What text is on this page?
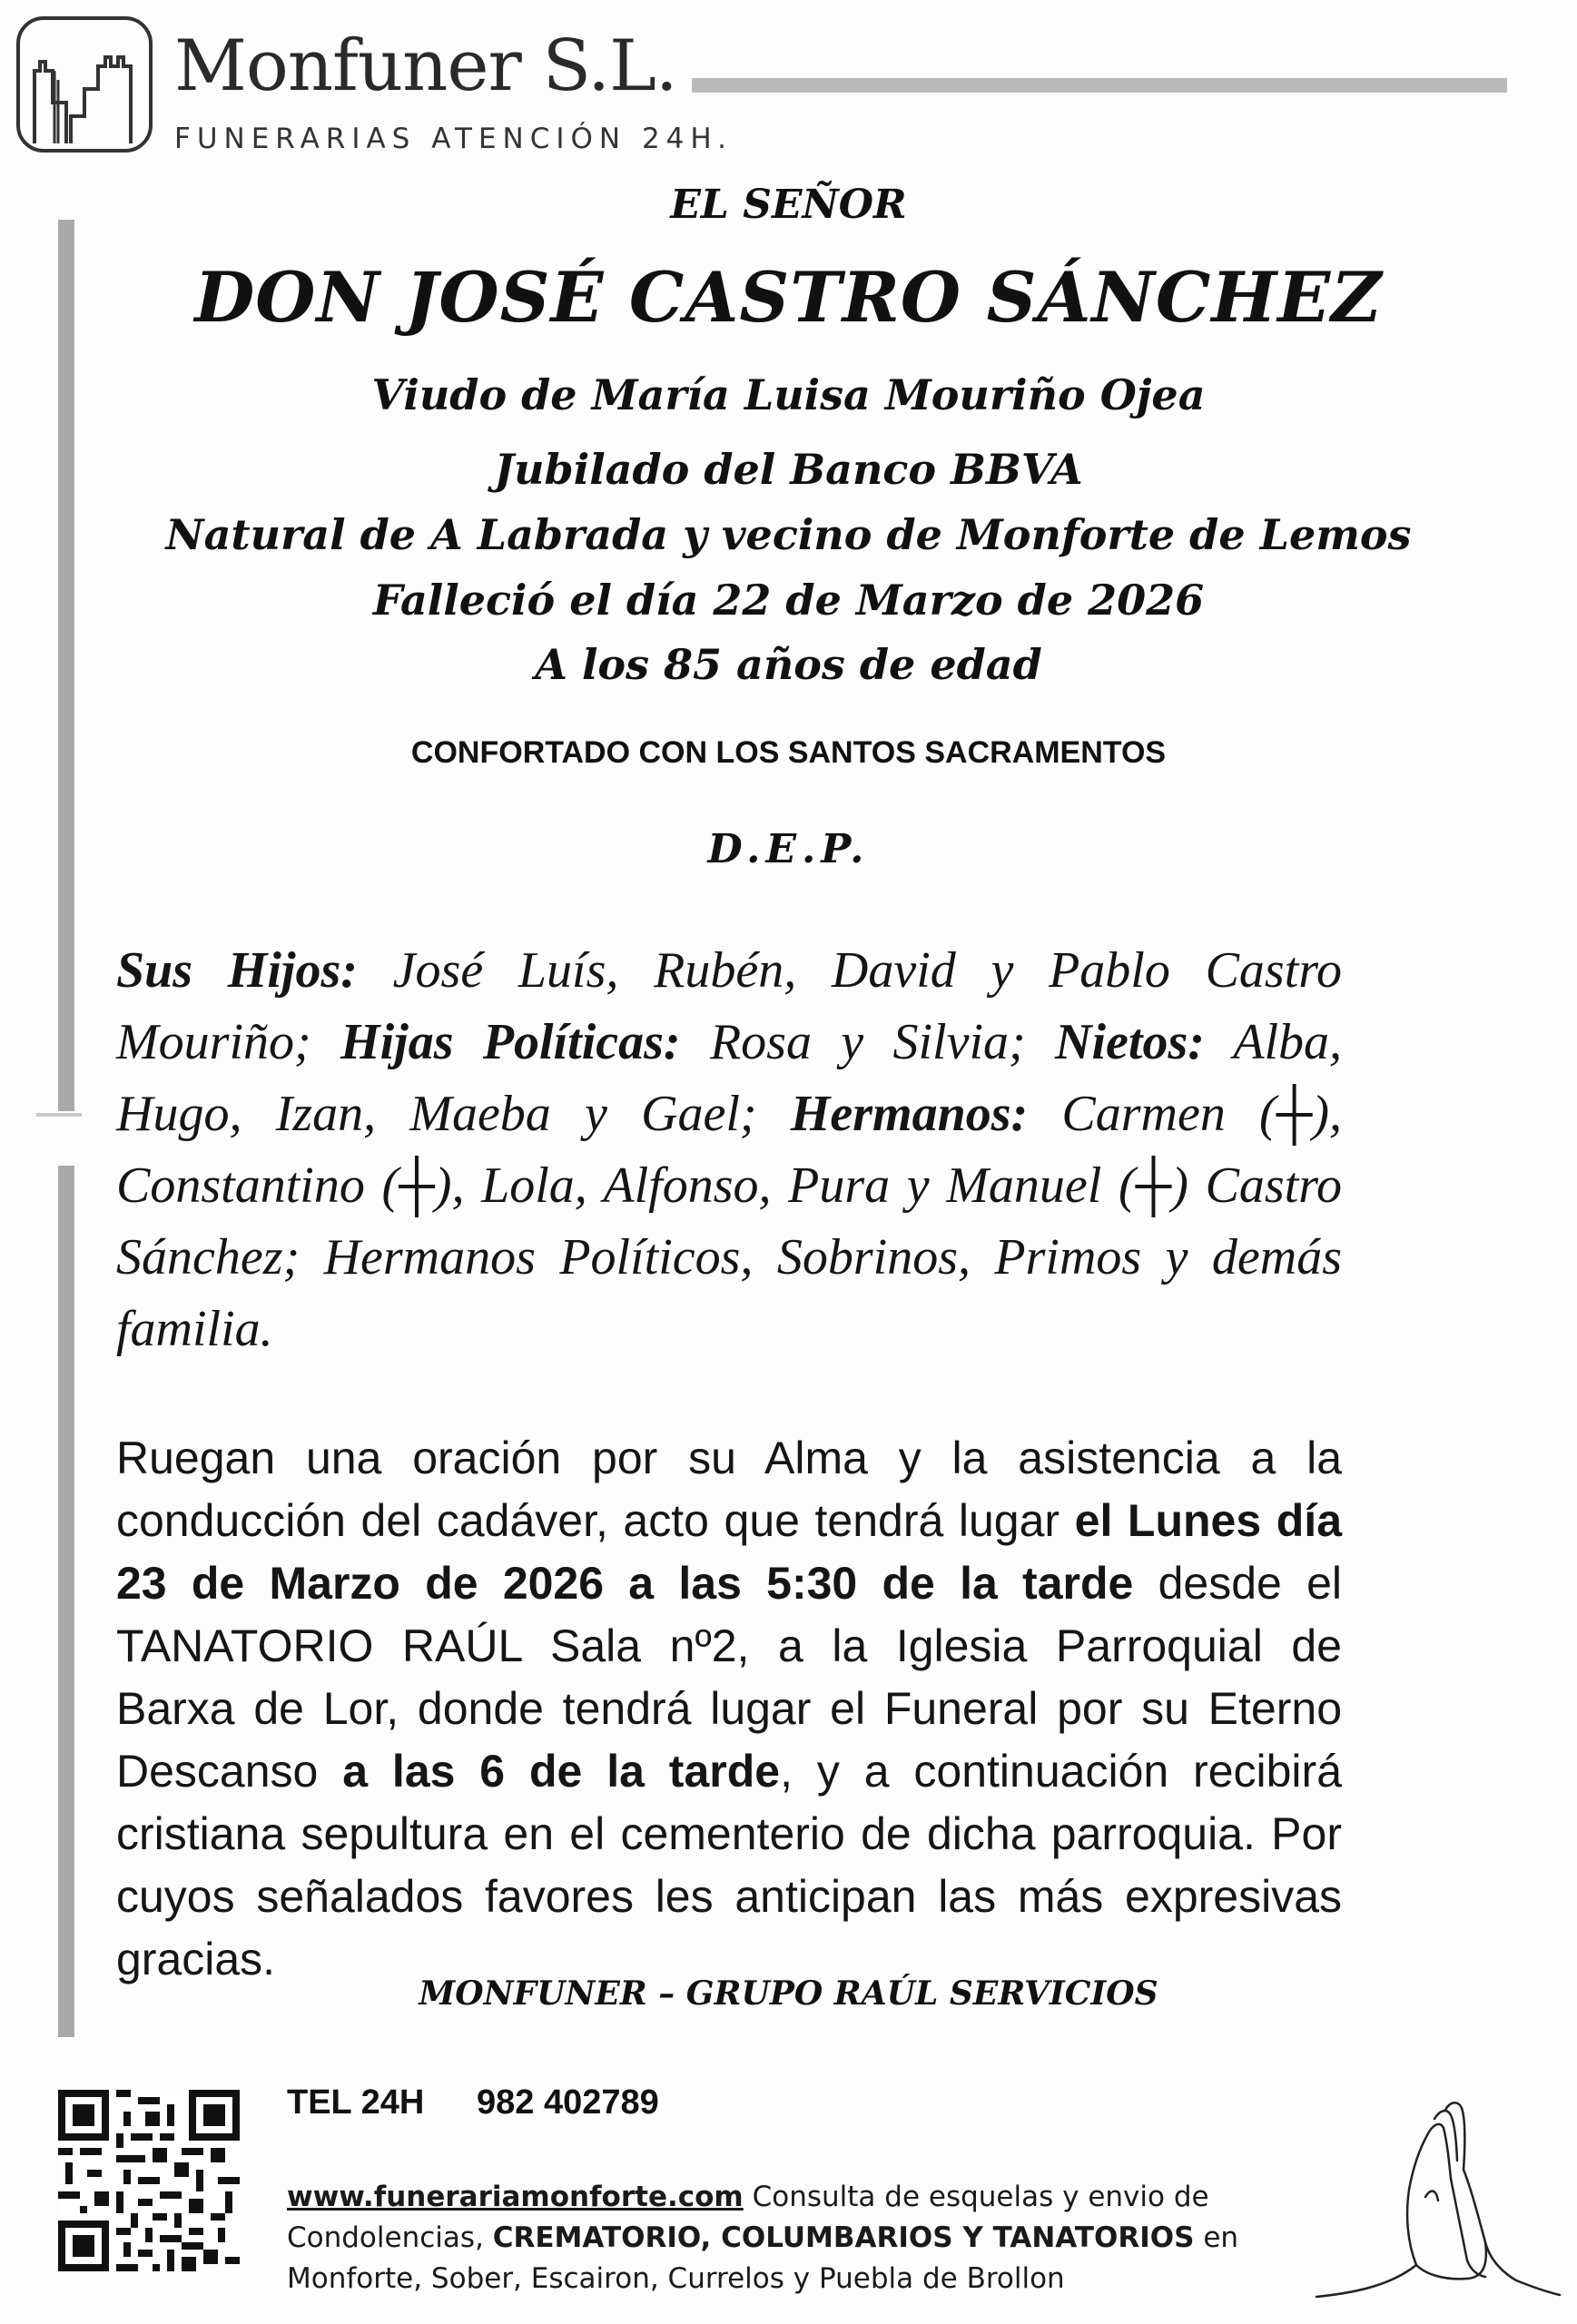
Monfuner S.L.
FUNERARIAS ATENCIÓN 24H.
EL SEÑOR
DON JOSÉ CASTRO SÁNCHEZ
Viudo de María Luisa Mouriño Ojea
Jubilado del Banco BBVA
Natural de A Labrada y vecino de Monforte de Lemos
Falleció el día 22 de Marzo de 2026
A los 85 años de edad
CONFORTADO CON LOS SANTOS SACRAMENTOS
D.E.P.
Sus Hijos: José Luís, Rubén, David y Pablo Castro Mouriño; Hijas Políticas: Rosa y Silvia; Nietos: Alba, Hugo, Izan, Maeba y Gael; Hermanos: Carmen (┼), Constantino (┼), Lola, Alfonso, Pura y Manuel (┼) Castro Sánchez; Hermanos Políticos, Sobrinos, Primos y demás familia.
Ruegan una oración por su Alma y la asistencia a la conducción del cadáver, acto que tendrá lugar el Lunes día 23 de Marzo de 2026 a las 5:30 de la tarde desde el TANATORIO RAÚL Sala nº2, a la Iglesia Parroquial de Barxa de Lor, donde tendrá lugar el Funeral por su Eterno Descanso a las 6 de la tarde, y a continuación recibirá cristiana sepultura en el cementerio de dicha parroquia. Por cuyos señalados favores les anticipan las más expresivas gracias.
MONFUNER – GRUPO RAÚL SERVICIOS
TEL 24H 982 402789
www.funerariamonforte.com Consulta de esquelas y envio de Condolencias, CREMATORIO, COLUMBARIOS Y TANATORIOS en Monforte, Sober, Escairon, Currelos y Puebla de Brollon
